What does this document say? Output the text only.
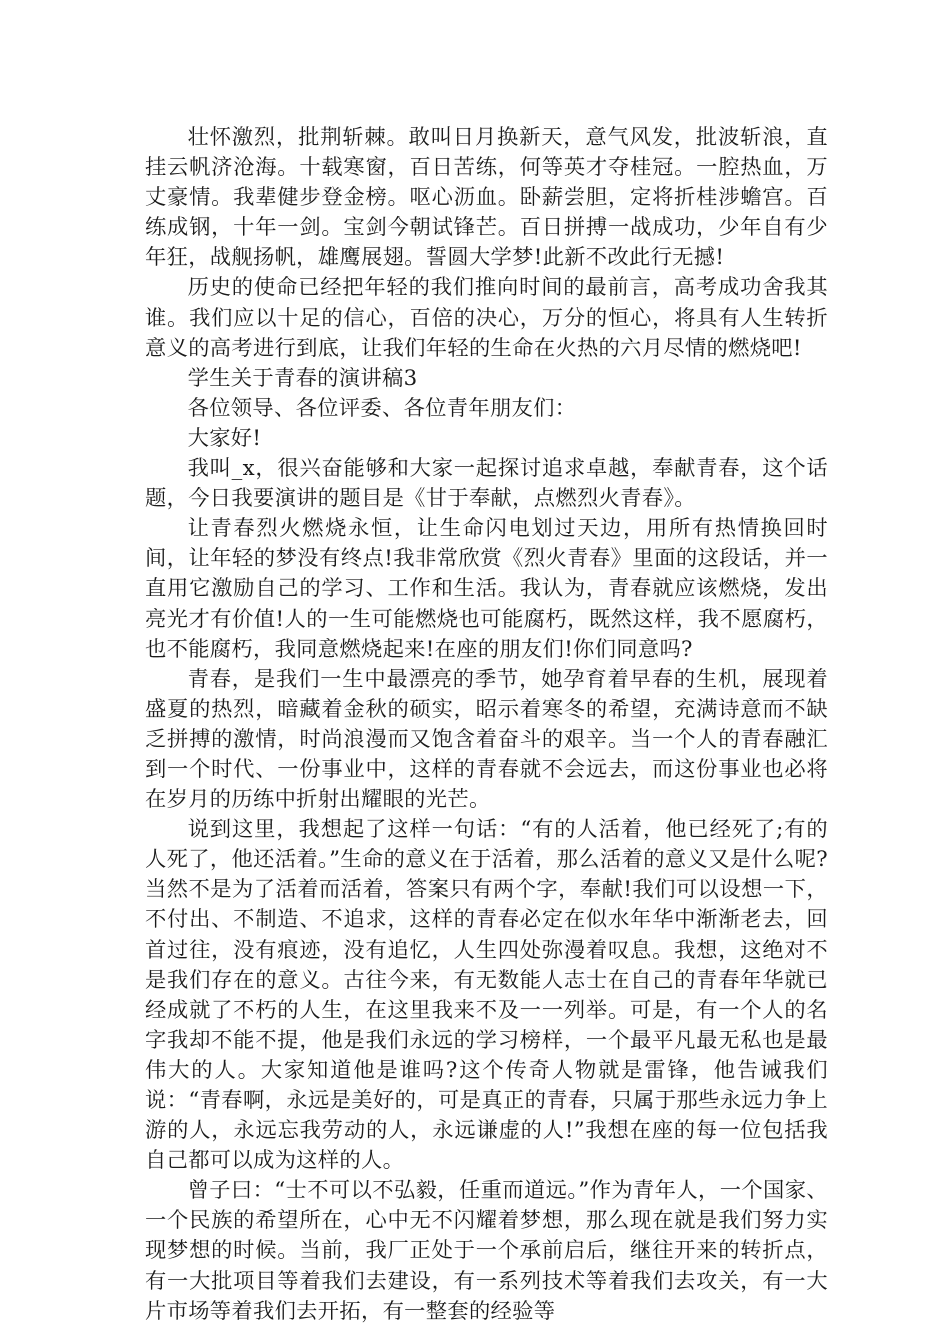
壮怀激烈，批荆斩棘。敢叫日月换新天，意气风发，批波斩浪，直挂云帆济沧海。十载寒窗，百日苦练，何等英才夺桂冠。一腔热血，万丈豪情。我辈健步登金榜。呕心沥血。卧薪尝胆，定将折桂涉蟾宫。百练成钢，十年一剑。宝剑今朝试锋芒。百日拼搏一战成功，少年自有少年狂，战舰扬帆，雄鹰展翅。誓圆大学梦!此新不改此行无撼!

历史的使命已经把年轻的我们推向时间的最前言，高考成功舍我其谁。我们应以十足的信心，百倍的决心，万分的恒心，将具有人生转折意义的高考进行到底，让我们年轻的生命在火热的六月尽情的燃烧吧!

学生关于青春的演讲稿3

各位领导、各位评委、各位青年朋友们：

大家好!

我叫_x，很兴奋能够和大家一起探讨追求卓越，奉献青春，这个话题，今日我要演讲的题目是《甘于奉献，点燃烈火青春》。

让青春烈火燃烧永恒，让生命闪电划过天边，用所有热情换回时间，让年轻的梦没有终点!我非常欣赏《烈火青春》里面的这段话，并一直用它激励自己的学习、工作和生活。我认为，青春就应该燃烧，发出亮光才有价值!人的一生可能燃烧也可能腐朽，既然这样，我不愿腐朽，也不能腐朽，我同意燃烧起来!在座的朋友们!你们同意吗?

青春，是我们一生中最漂亮的季节，她孕育着早春的生机，展现着盛夏的热烈，暗藏着金秋的硕实，昭示着寒冬的希望，充满诗意而不缺乏拼搏的激情，时尚浪漫而又饱含着奋斗的艰辛。当一个人的青春融汇到一个时代、一份事业中，这样的青春就不会远去，而这份事业也必将在岁月的历练中折射出耀眼的光芒。

说到这里，我想起了这样一句话：“有的人活着，他已经死了;有的人死了，他还活着。”生命的意义在于活着，那么活着的意义又是什么呢?当然不是为了活着而活着，答案只有两个字，奉献!我们可以设想一下，不付出、不制造、不追求，这样的青春必定在似水年华中渐渐老去，回首过往，没有痕迹，没有追忆，人生四处弥漫着叹息。我想，这绝对不是我们存在的意义。古往今来，有无数能人志士在自己的青春年华就已经成就了不朽的人生，在这里我来不及一一列举。可是，有一个人的名字我却不能不提，他是我们永远的学习榜样，一个最平凡最无私也是最伟大的人。大家知道他是谁吗?这个传奇人物就是雷锋，他告诫我们说：“青春啊，永远是美好的，可是真正的青春，只属于那些永远力争上游的人，永远忘我劳动的人，永远谦虚的人!”我想在座的每一位包括我自己都可以成为这样的人。

曾子曰：“士不可以不弘毅，任重而道远。”作为青年人，一个国家、一个民族的希望所在，心中无不闪耀着梦想，那么现在就是我们努力实现梦想的时候。当前，我厂正处于一个承前启后，继往开来的转折点，有一大批项目等着我们去建设，有一系列技术等着我们去攻关，有一大片市场等着我们去开拓，有一整套的经验等
